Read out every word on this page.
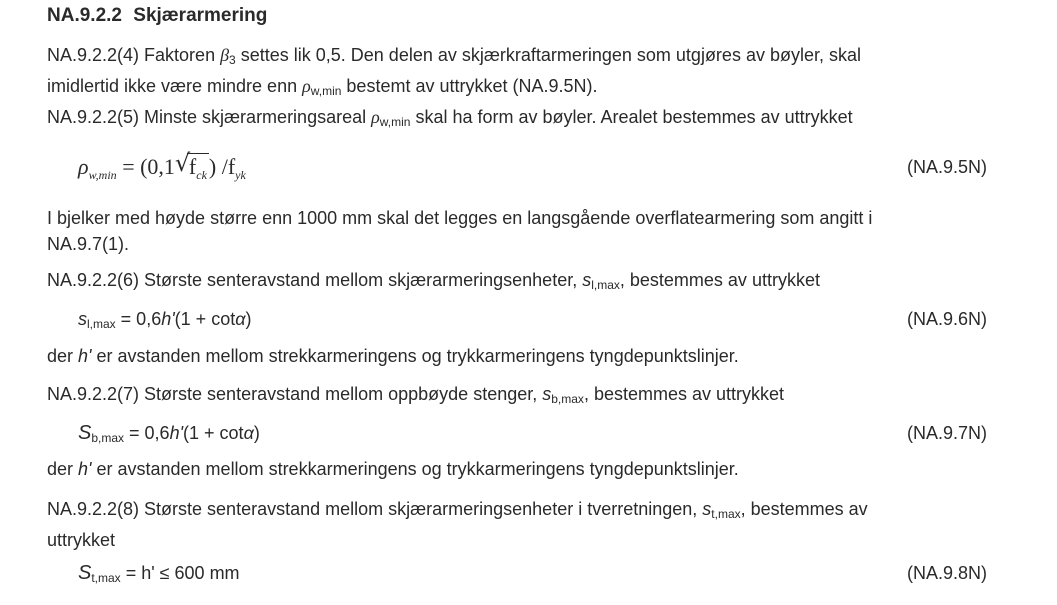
NA.9.2.2 Skjærarmering
NA.9.2.2(4) Faktoren $\beta_3$ settes lik 0,5. Den delen av skjærkraftarmeringen som utgjøres av bøyler, skal
imidlertid ikke være mindre enn $\rho_{w,min}$ bestemt av uttrykket (NA.9.5N).
NA.9.2.2(5) Minste skjærarmeringsareal $\rho_{w,min}$ skal ha form av bøyler. Arealet bestemmes av uttrykket
$\rho_{w,min} = (0,1$ √
$f_{ck}$) $/f_{yk}$	(NA.9.5N)
I bjelker med høyde større enn 1000 mm skal det legges en langsgående overflatearmering som angitt i
NA.9.7(1).
NA.9.2.2(6) Største senteravstand mellom skjærarmeringsenheter, $s_{l,max}$, bestemmes av uttrykket
$s_{l,max} = 0,6h'(1 + \cot\alpha)$	(NA.9.6N)
der h' er avstanden mellom strekkarmeringens og trykkarmeringens tyngdepunktslinjer.
NA.9.2.2(7) Største senteravstand mellom oppbøyde stenger, $s_{b,max}$, bestemmes av uttrykket
$S_{b,max} = 0,6h'(1 + \cot\alpha)$	(NA.9.7N)
der h' er avstanden mellom strekkarmeringens og trykkarmeringens tyngdepunktslinjer.
NA.9.2.2(8) Største senteravstand mellom skjærarmeringsenheter i tverretningen, $s_{t,max}$, bestemmes av
uttrykket
$S_{t,max} = h' \le 600$ mm	(NA.9.8N)
